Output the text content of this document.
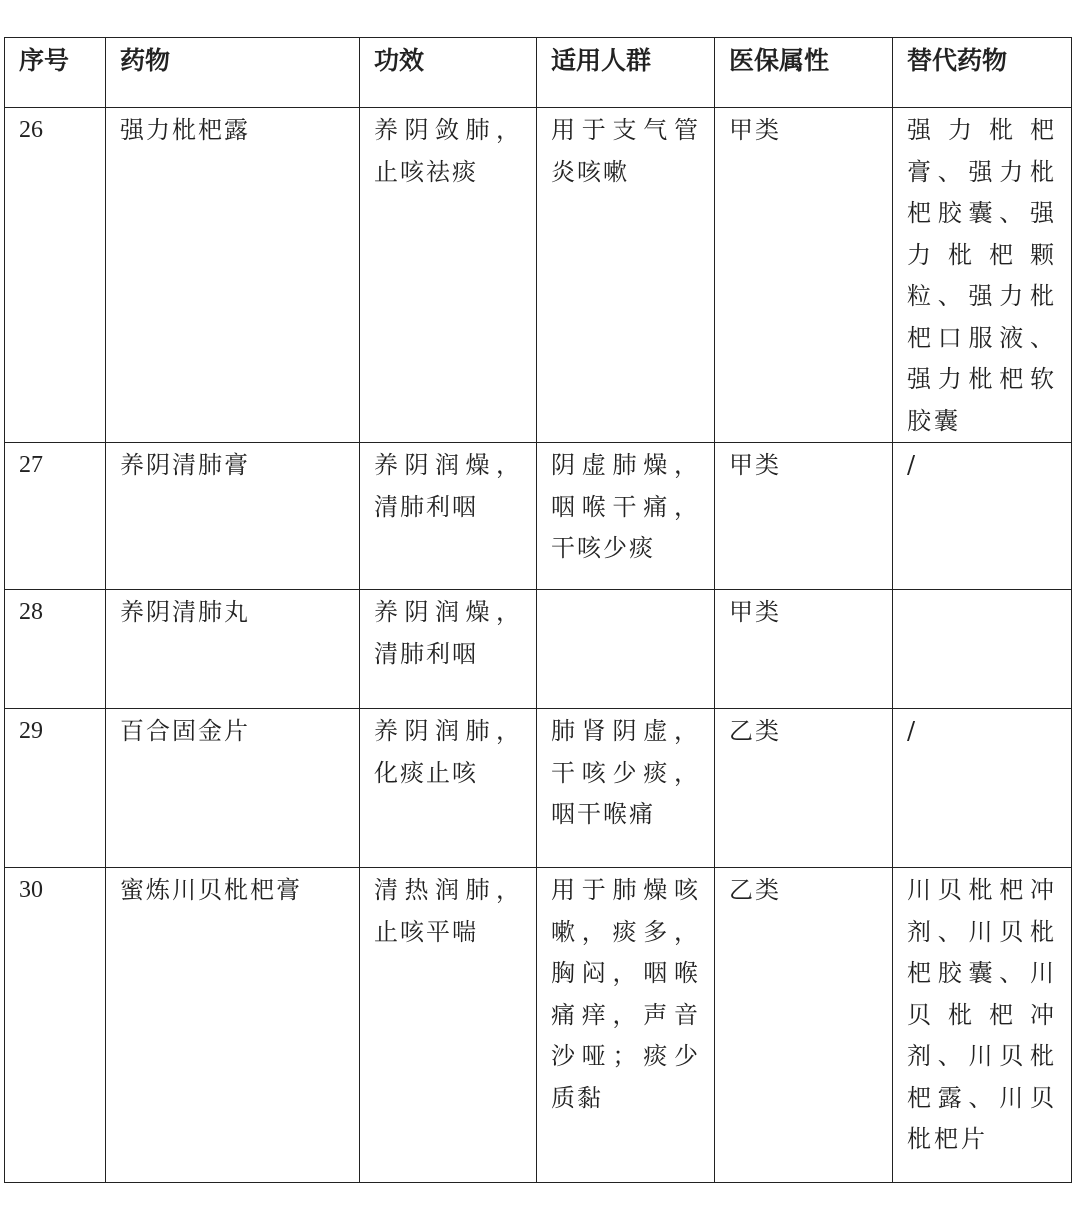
序号	药物	功效	适用人群	医保属性	替代药物

26	强力枇杷露	养阴敛肺，止咳祛痰	用于支气管炎咳嗽	甲类	强力枇杷膏、强力枇杷胶囊、强力枇杷颗粒、强力枇杷口服液、强力枇杷软胶囊

27	养阴清肺膏	养阴润燥，清肺利咽	阴虚肺燥，咽喉干痛，干咳少痰	甲类	/

28	养阴清肺丸	养阴润燥，清肺利咽		甲类	

29	百合固金片	养阴润肺，化痰止咳	肺肾阴虚，干咳少痰，咽干喉痛	乙类	/

30	蜜炼川贝枇杷膏	清热润肺，止咳平喘	用于肺燥咳嗽，痰多，胸闷，咽喉痛痒，声音沙哑；痰少质黏	乙类	川贝枇杷冲剂、川贝枇杷胶囊、川贝枇杷冲剂、川贝枇杷露、川贝枇杷片
